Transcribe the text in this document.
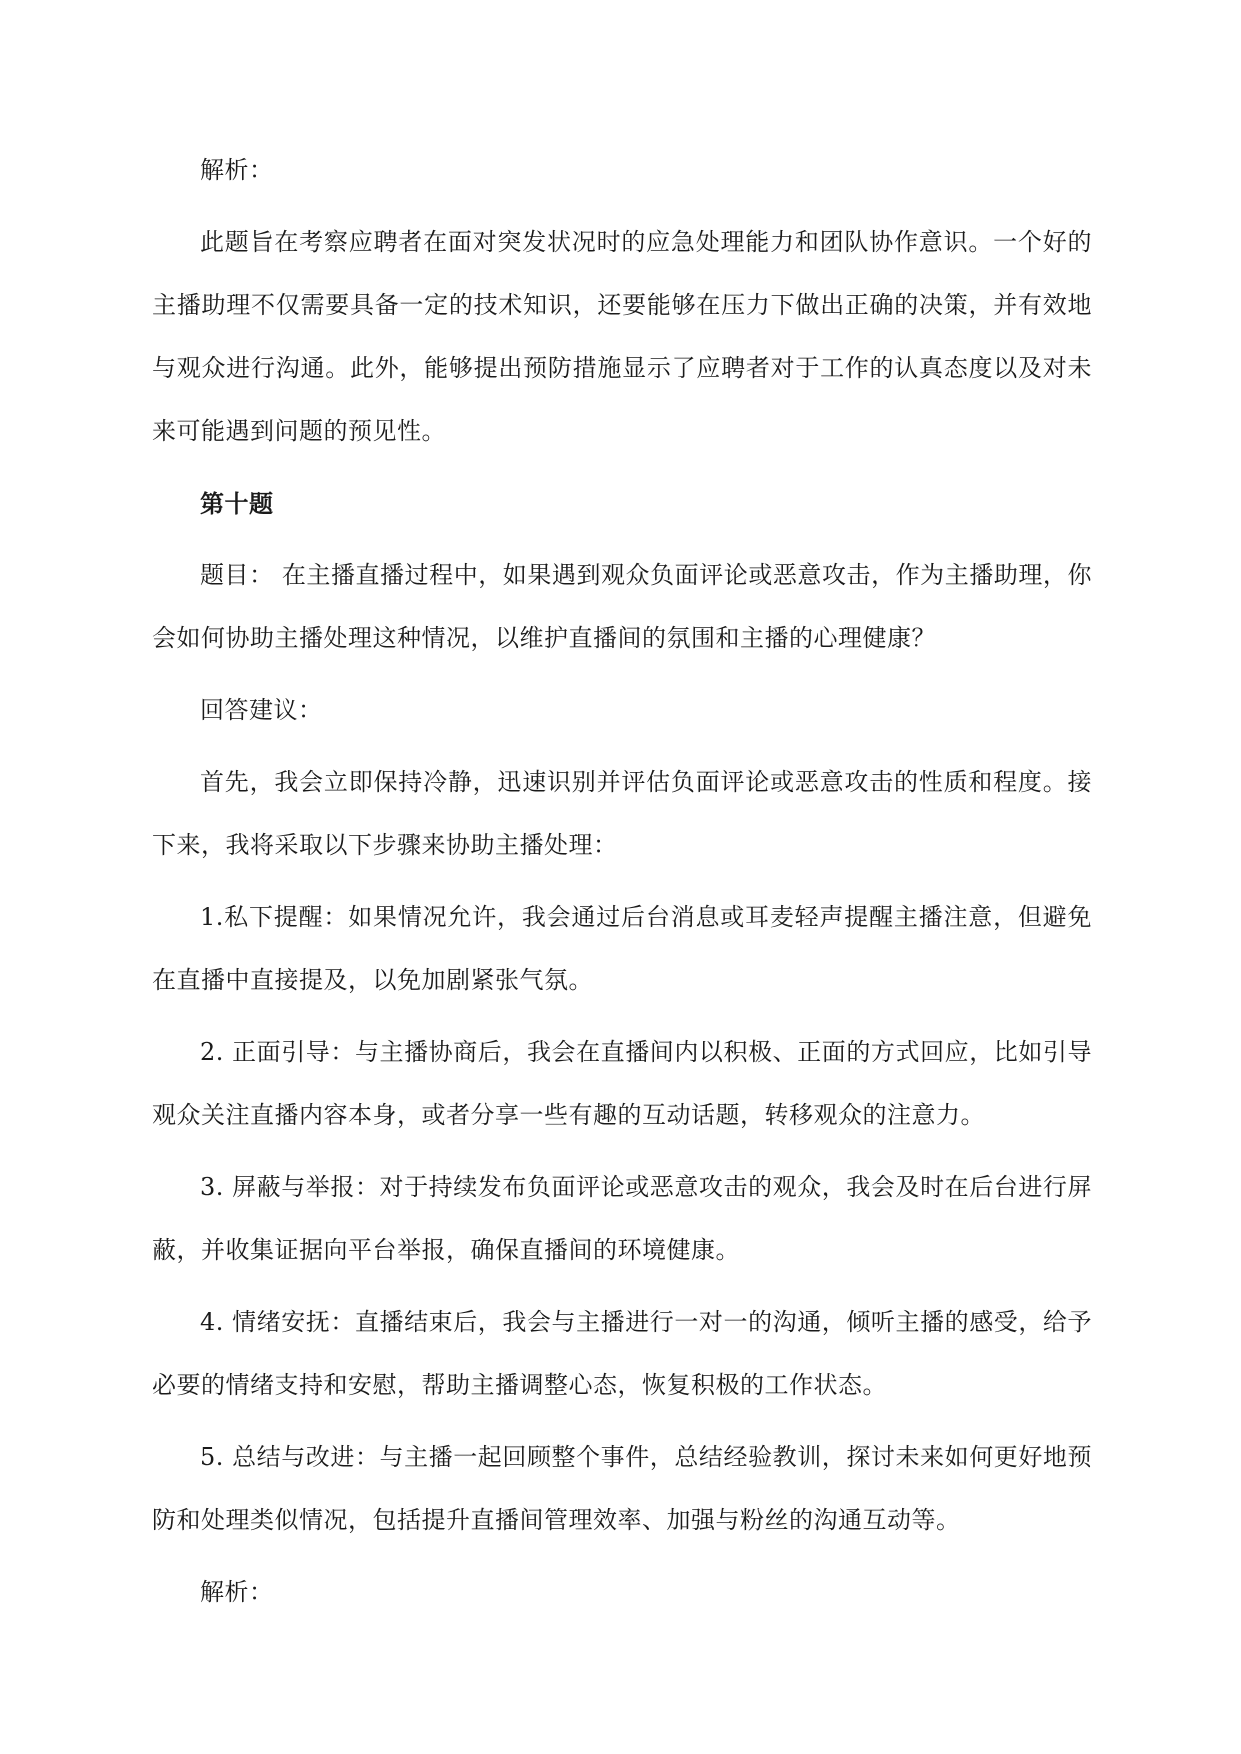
解析：

此题旨在考察应聘者在面对突发状况时的应急处理能力和团队协作意识。一个好的主播助理不仅需要具备一定的技术知识，还要能够在压力下做出正确的决策，并有效地与观众进行沟通。此外，能够提出预防措施显示了应聘者对于工作的认真态度以及对未来可能遇到问题的预见性。

第十题

题目： 在主播直播过程中，如果遇到观众负面评论或恶意攻击，作为主播助理，你会如何协助主播处理这种情况，以维护直播间的氛围和主播的心理健康？

回答建议：

首先，我会立即保持冷静，迅速识别并评估负面评论或恶意攻击的性质和程度。接下来，我将采取以下步骤来协助主播处理：

1.私下提醒：如果情况允许，我会通过后台消息或耳麦轻声提醒主播注意，但避免在直播中直接提及，以免加剧紧张气氛。

2. 正面引导：与主播协商后，我会在直播间内以积极、正面的方式回应，比如引导观众关注直播内容本身，或者分享一些有趣的互动话题，转移观众的注意力。

3. 屏蔽与举报：对于持续发布负面评论或恶意攻击的观众，我会及时在后台进行屏蔽，并收集证据向平台举报，确保直播间的环境健康。

4. 情绪安抚：直播结束后，我会与主播进行一对一的沟通，倾听主播的感受，给予必要的情绪支持和安慰，帮助主播调整心态，恢复积极的工作状态。

5. 总结与改进：与主播一起回顾整个事件，总结经验教训，探讨未来如何更好地预防和处理类似情况，包括提升直播间管理效率、加强与粉丝的沟通互动等。

解析：
